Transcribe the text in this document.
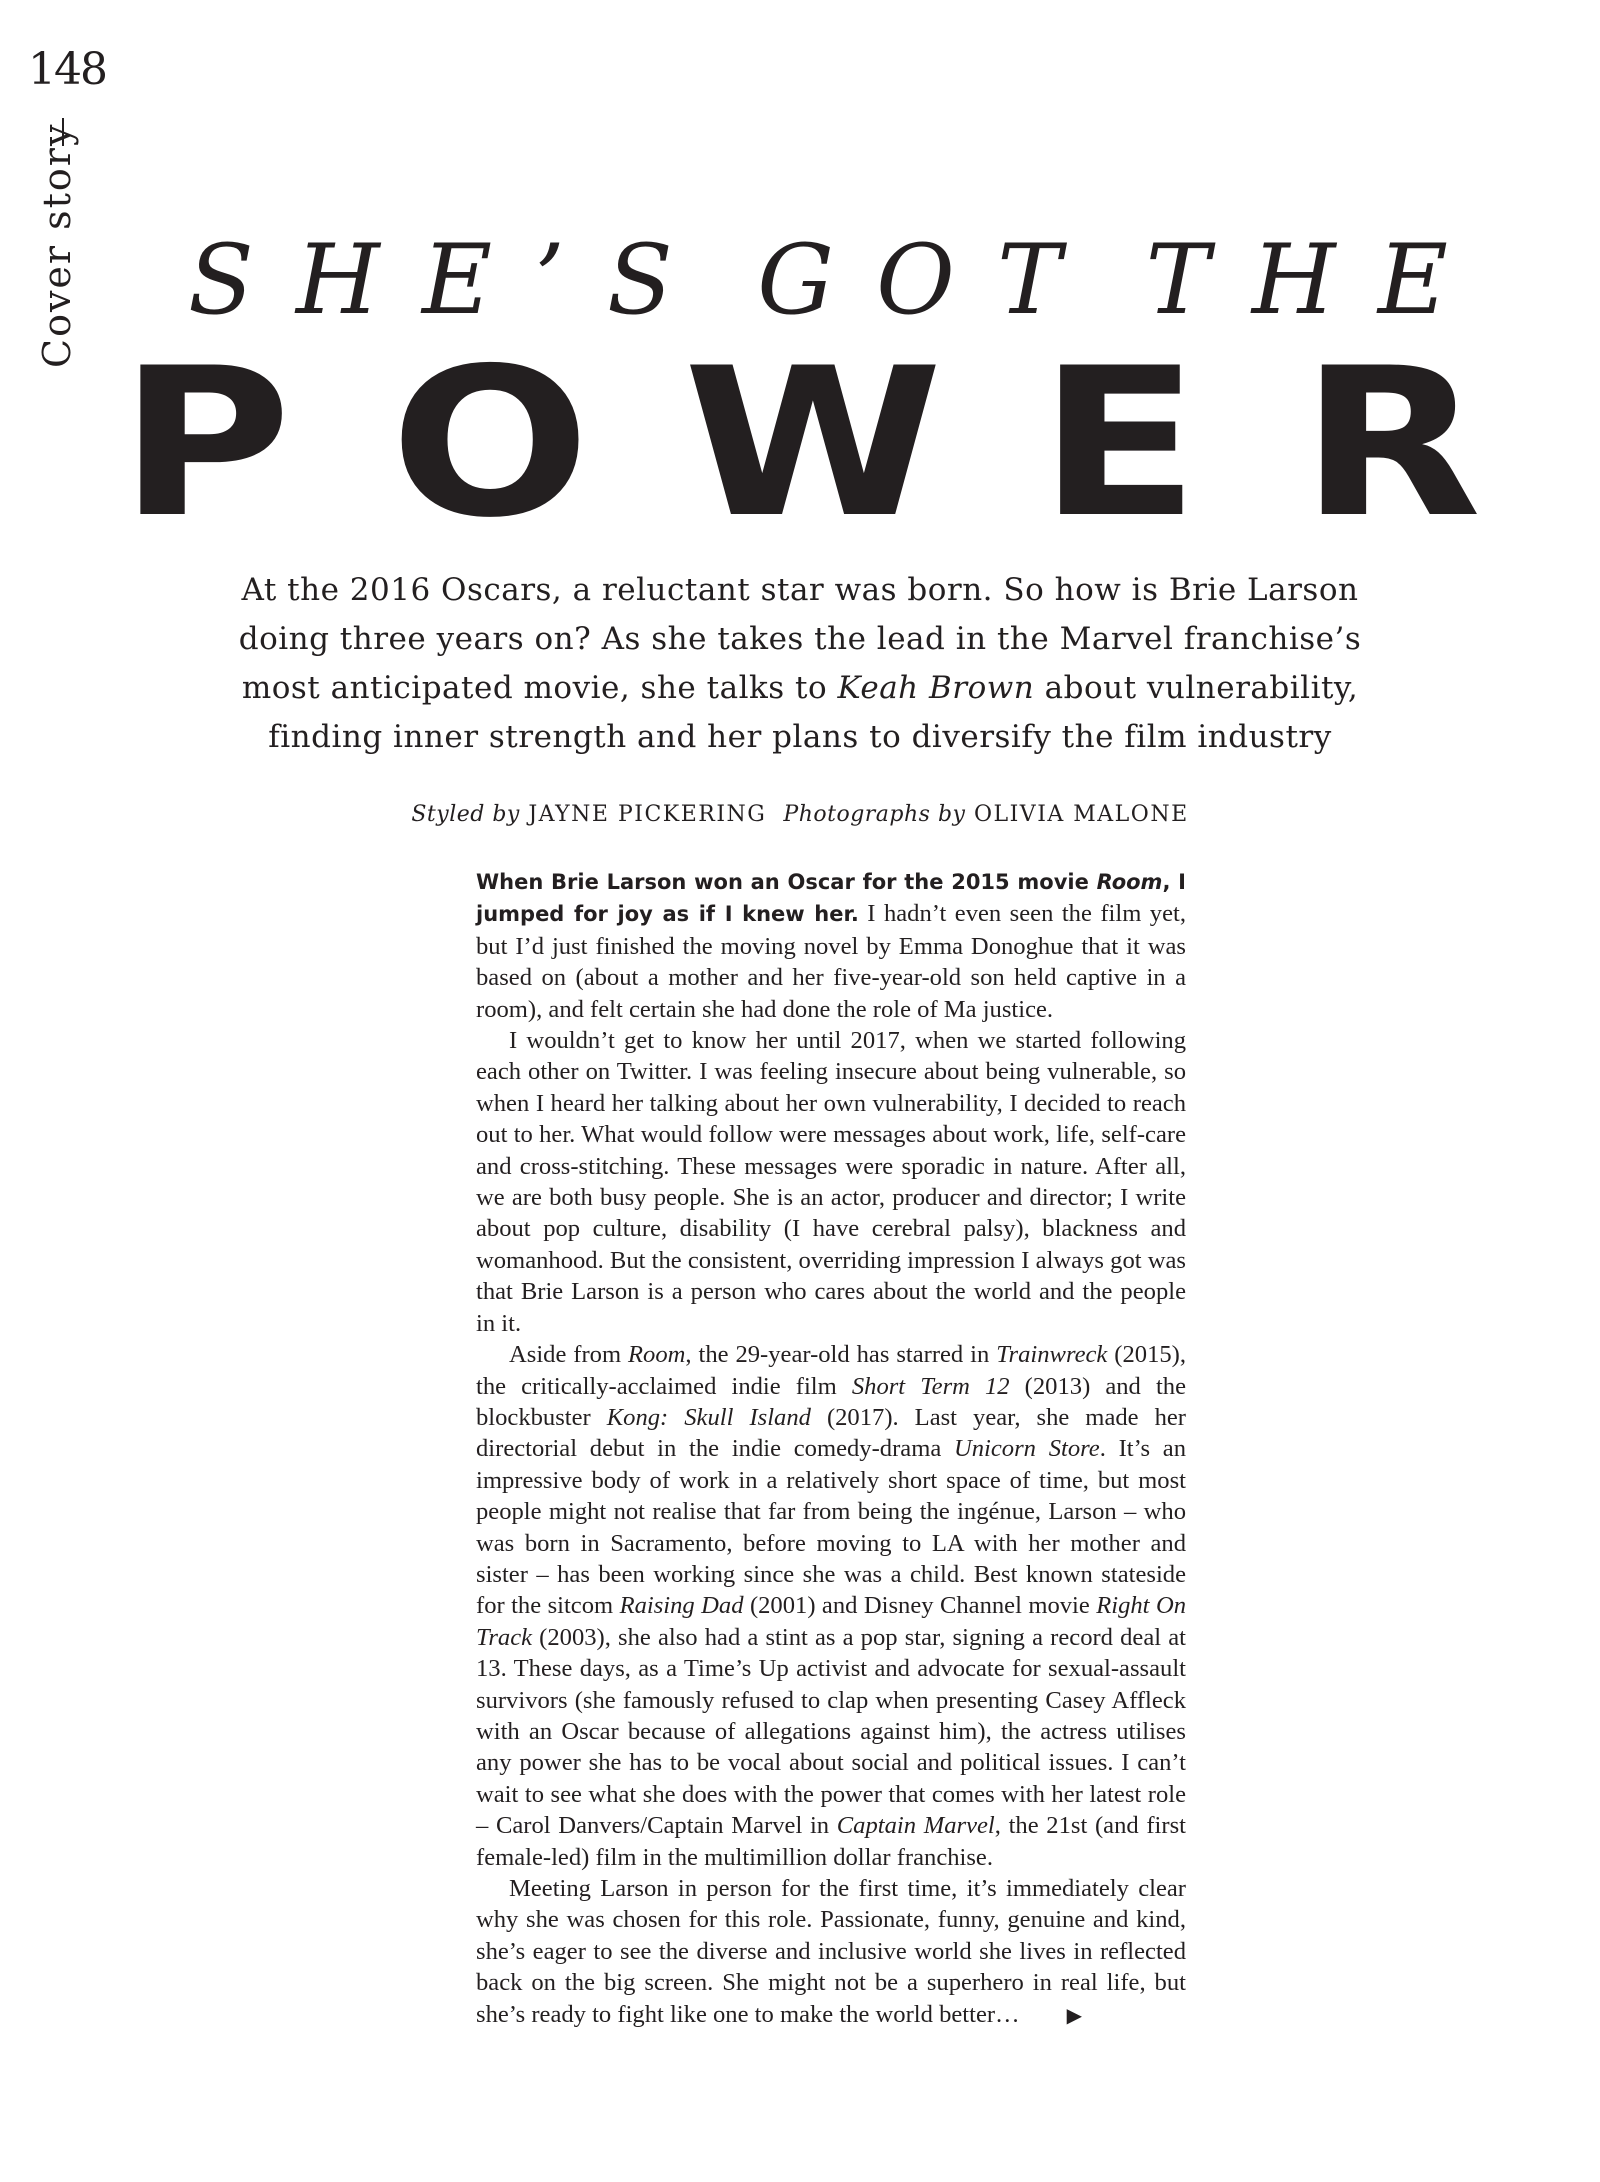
148
Cover story S H E ’ S G O T T H E
P O W E R
At the 2016 Oscars, a reluctant star was born. So how is Brie Larson doing three years on? As she takes the lead in the Marvel franchise’s most anticipated movie, she talks to Keah Brown about vulnerability, finding inner strength and her plans to diversify the film industry
Styled by JAYNE PICKERING Photographs by OLIVIA MALONE

When Brie Larson won an Oscar for the 2015 movie Room, I jumped for joy as if I knew her. I hadn’t even seen the film yet, but I’d just finished the moving novel by Emma Donoghue that it was based on (about a mother and her five-year-old son held captive in a room), and felt certain she had done the role of Ma justice.

I wouldn’t get to know her until 2017, when we started following each other on Twitter. I was feeling insecure about being vulnerable, so when I heard her talking about her own vulnerability, I decided to reach out to her. What would follow were messages about work, life, self-care and cross-stitching. These messages were sporadic in nature. After all, we are both busy people. She is an actor, producer and director; I write about pop culture, disability (I have cerebral palsy), blackness and womanhood. But the consistent, overriding impression I always got was that Brie Larson is a person who cares about the world and the people in it.

Aside from Room, the 29-year-old has starred in Trainwreck (2015), the critically-acclaimed indie film Short Term 12 (2013) and the blockbuster Kong: Skull Island (2017). Last year, she made her directorial debut in the indie comedy-drama Unicorn Store. It’s an impressive body of work in a relatively short space of time, but most people might not realise that far from being the ingénue, Larson – who was born in Sacramento, before moving to LA with her mother and sister – has been working since she was a child. Best known stateside for the sitcom Raising Dad (2001) and Disney Channel movie Right On Track (2003), she also had a stint as a pop star, signing a record deal at 13. These days, as a Time’s Up activist and advocate for sexual-assault survivors (she famously refused to clap when presenting Casey Affleck with an Oscar because of allegations against him), the actress utilises any power she has to be vocal about social and political issues. I can’t wait to see what she does with the power that comes with her latest role – Carol Danvers/Captain Marvel in Captain Marvel, the 21st (and first female-led) film in the multimillion dollar franchise.

Meeting Larson in person for the first time, it’s immediately clear why she was chosen for this role. Passionate, funny, genuine and kind, she’s eager to see the diverse and inclusive world she lives in reflected back on the big screen. She might not be a superhero in real life, but she’s ready to fight like one to make the world better… ▶
